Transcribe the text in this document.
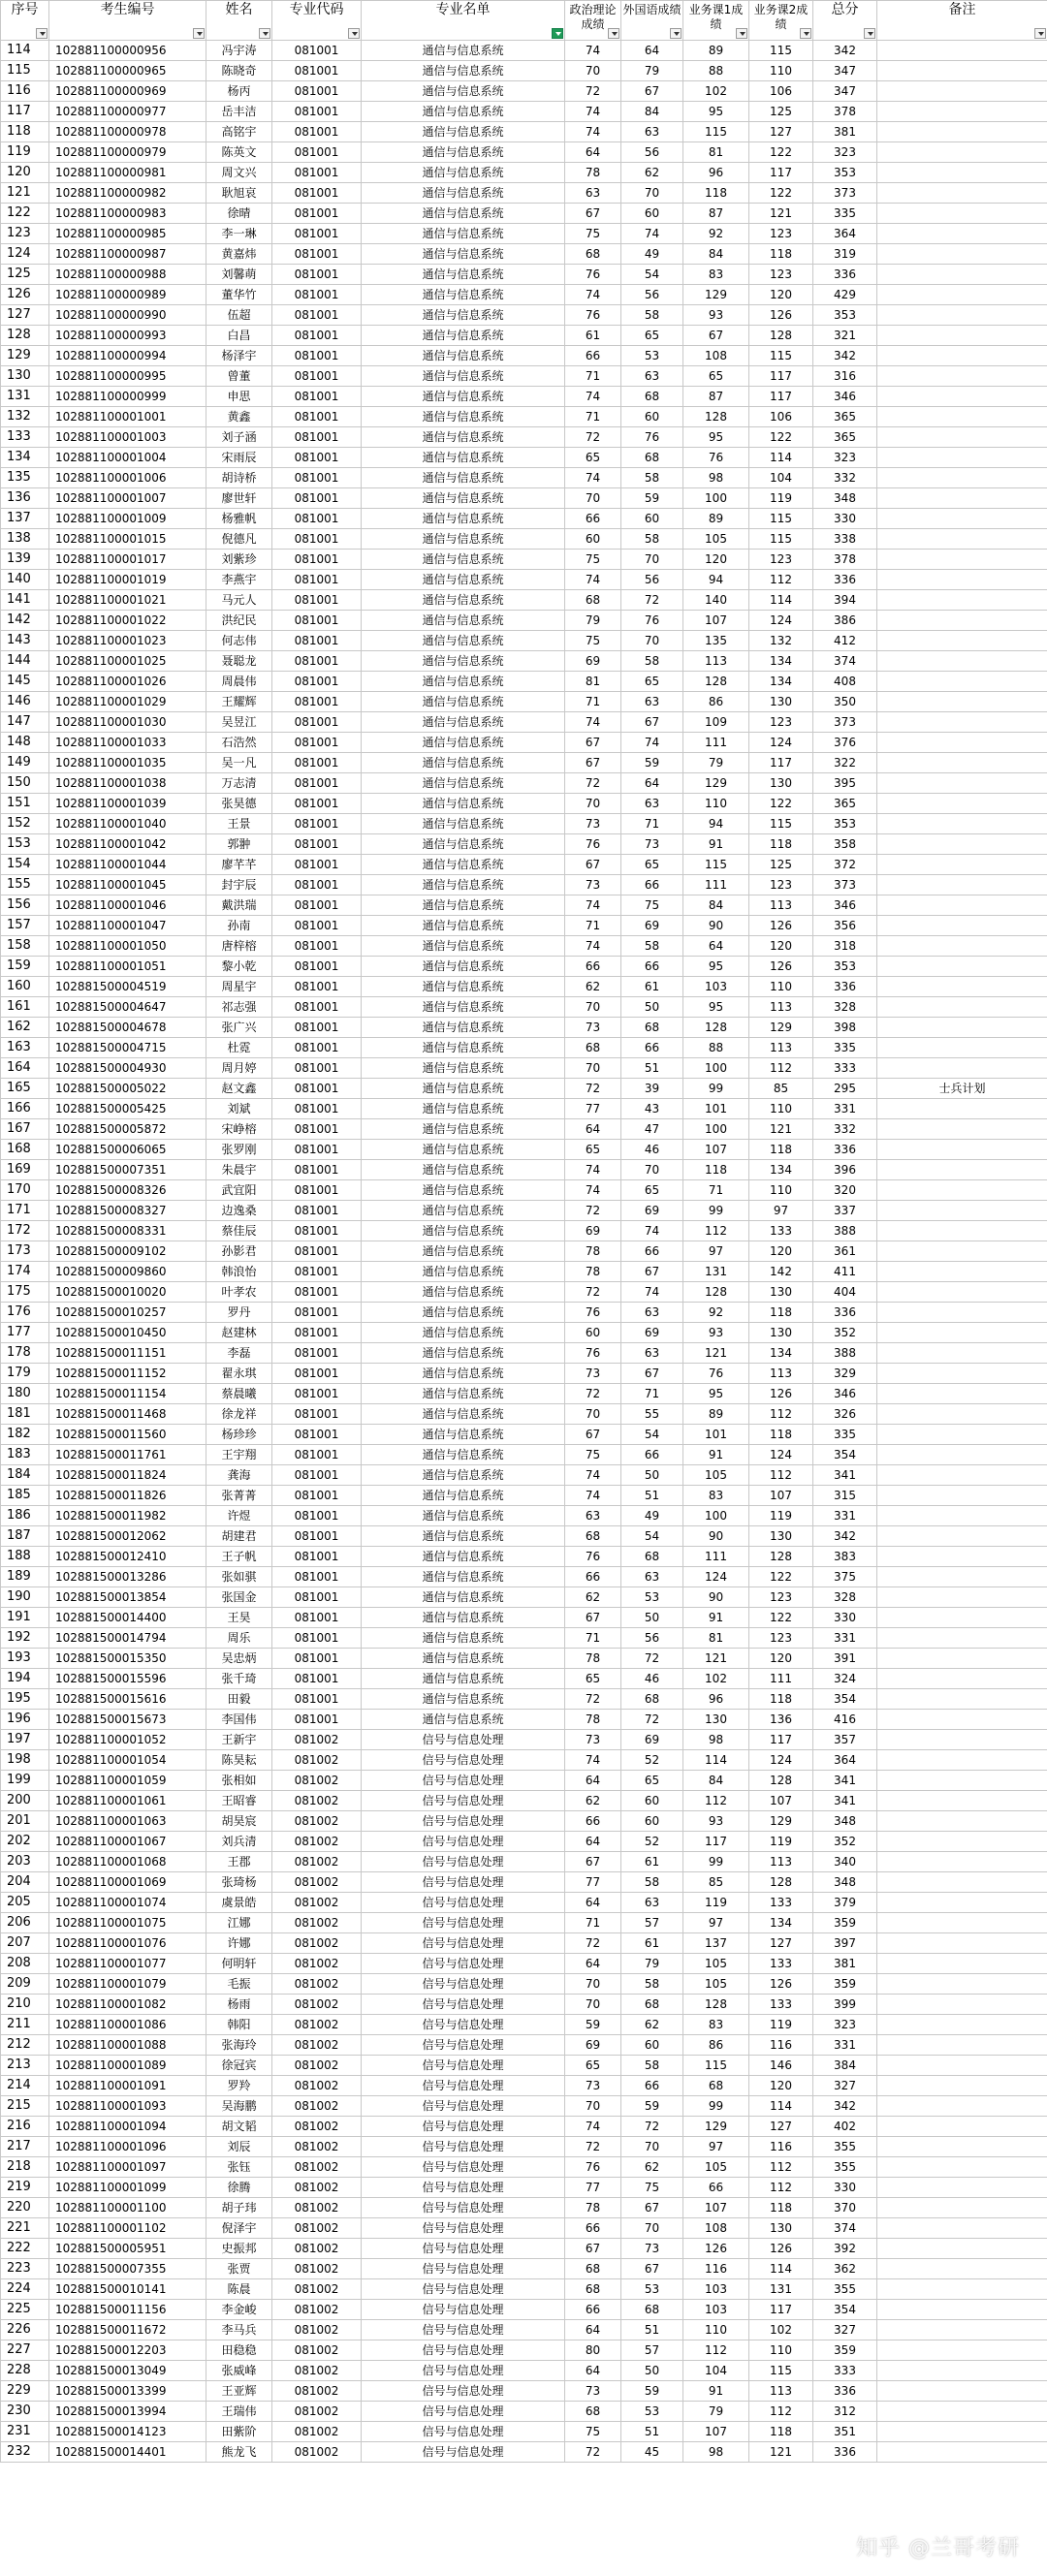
序号	考生编号	姓名	专业代码	专业名单	政治理论成绩	外国语成绩	业务课1成绩	业务课2成绩	总分	备注

114	102881100000956	冯宇涛	081001	通信与信息系统	74	64	89	115	342	
115	102881100000965	陈晓奇	081001	通信与信息系统	70	79	88	110	347	
116	102881100000969	杨丙	081001	通信与信息系统	72	67	102	106	347	
117	102881100000977	岳丰洁	081001	通信与信息系统	74	84	95	125	378	
118	102881100000978	高铭宇	081001	通信与信息系统	74	63	115	127	381	
119	102881100000979	陈英文	081001	通信与信息系统	64	56	81	122	323	
120	102881100000981	周文兴	081001	通信与信息系统	78	62	96	117	353	
121	102881100000982	耿旭哀	081001	通信与信息系统	63	70	118	122	373	
122	102881100000983	徐晴	081001	通信与信息系统	67	60	87	121	335	
123	102881100000985	李一琳	081001	通信与信息系统	75	74	92	123	364	
124	102881100000987	黄嘉炜	081001	通信与信息系统	68	49	84	118	319	
125	102881100000988	刘馨萌	081001	通信与信息系统	76	54	83	123	336	
126	102881100000989	董华竹	081001	通信与信息系统	74	56	129	120	429	
127	102881100000990	伍超	081001	通信与信息系统	76	58	93	126	353	
128	102881100000993	白昌	081001	通信与信息系统	61	65	67	128	321	
129	102881100000994	杨泽宇	081001	通信与信息系统	66	53	108	115	342	
130	102881100000995	曾董	081001	通信与信息系统	71	63	65	117	316	
131	102881100000999	申思	081001	通信与信息系统	74	68	87	117	346	
132	102881100001001	黄鑫	081001	通信与信息系统	71	60	128	106	365	
133	102881100001003	刘子涵	081001	通信与信息系统	72	76	95	122	365	
134	102881100001004	宋雨辰	081001	通信与信息系统	65	68	76	114	323	
135	102881100001006	胡诗桥	081001	通信与信息系统	74	58	98	104	332	
136	102881100001007	廖世轩	081001	通信与信息系统	70	59	100	119	348	
137	102881100001009	杨雅帆	081001	通信与信息系统	66	60	89	115	330	
138	102881100001015	倪德凡	081001	通信与信息系统	60	58	105	115	338	
139	102881100001017	刘紫珍	081001	通信与信息系统	75	70	120	123	378	
140	102881100001019	李燕宇	081001	通信与信息系统	74	56	94	112	336	
141	102881100001021	马元人	081001	通信与信息系统	68	72	140	114	394	
142	102881100001022	洪纪民	081001	通信与信息系统	79	76	107	124	386	
143	102881100001023	何志伟	081001	通信与信息系统	75	70	135	132	412	
144	102881100001025	聂聪龙	081001	通信与信息系统	69	58	113	134	374	
145	102881100001026	周晨伟	081001	通信与信息系统	81	65	128	134	408	
146	102881100001029	王耀辉	081001	通信与信息系统	71	63	86	130	350	
147	102881100001030	吴昱江	081001	通信与信息系统	74	67	109	123	373	
148	102881100001033	石浩然	081001	通信与信息系统	67	74	111	124	376	
149	102881100001035	吴一凡	081001	通信与信息系统	67	59	79	117	322	
150	102881100001038	万志清	081001	通信与信息系统	72	64	129	130	395	
151	102881100001039	张昊德	081001	通信与信息系统	70	63	110	122	365	
152	102881100001040	王景	081001	通信与信息系统	73	71	94	115	353	
153	102881100001042	郭翀	081001	通信与信息系统	76	73	91	118	358	
154	102881100001044	廖芊芊	081001	通信与信息系统	67	65	115	125	372	
155	102881100001045	封宇辰	081001	通信与信息系统	73	66	111	123	373	
156	102881100001046	戴洪瑞	081001	通信与信息系统	74	75	84	113	346	
157	102881100001047	孙南	081001	通信与信息系统	71	69	90	126	356	
158	102881100001050	唐梓榕	081001	通信与信息系统	74	58	64	120	318	
159	102881100001051	黎小乾	081001	通信与信息系统	66	66	95	126	353	
160	102881500004519	周星宇	081001	通信与信息系统	62	61	103	110	336	
161	102881500004647	祁志强	081001	通信与信息系统	70	50	95	113	328	
162	102881500004678	张广兴	081001	通信与信息系统	73	68	128	129	398	
163	102881500004715	杜霓	081001	通信与信息系统	68	66	88	113	335	
164	102881500004930	周月婷	081001	通信与信息系统	70	51	100	112	333	
165	102881500005022	赵文鑫	081001	通信与信息系统	72	39	99	85	295	士兵计划
166	102881500005425	刘斌	081001	通信与信息系统	77	43	101	110	331	
167	102881500005872	宋峥榕	081001	通信与信息系统	64	47	100	121	332	
168	102881500006065	张罗刚	081001	通信与信息系统	65	46	107	118	336	
169	102881500007351	朱晨宇	081001	通信与信息系统	74	70	118	134	396	
170	102881500008326	武宜阳	081001	通信与信息系统	74	65	71	110	320	
171	102881500008327	边逸桑	081001	通信与信息系统	72	69	99	97	337	
172	102881500008331	蔡佳辰	081001	通信与信息系统	69	74	112	133	388	
173	102881500009102	孙影君	081001	通信与信息系统	78	66	97	120	361	
174	102881500009860	韩浪怡	081001	通信与信息系统	78	67	131	142	411	
175	102881500010020	叶孝农	081001	通信与信息系统	72	74	128	130	404	
176	102881500010257	罗丹	081001	通信与信息系统	76	63	92	118	336	
177	102881500010450	赵建林	081001	通信与信息系统	60	69	93	130	352	
178	102881500011151	李磊	081001	通信与信息系统	76	63	121	134	388	
179	102881500011152	翟永琪	081001	通信与信息系统	73	67	76	113	329	
180	102881500011154	蔡晨曦	081001	通信与信息系统	72	71	95	126	346	
181	102881500011468	徐龙祥	081001	通信与信息系统	70	55	89	112	326	
182	102881500011560	杨珍珍	081001	通信与信息系统	67	54	101	118	335	
183	102881500011761	王宇翔	081001	通信与信息系统	75	66	91	124	354	
184	102881500011824	龚海	081001	通信与信息系统	74	50	105	112	341	
185	102881500011826	张菁菁	081001	通信与信息系统	74	51	83	107	315	
186	102881500011982	许煜	081001	通信与信息系统	63	49	100	119	331	
187	102881500012062	胡建君	081001	通信与信息系统	68	54	90	130	342	
188	102881500012410	王子帆	081001	通信与信息系统	76	68	111	128	383	
189	102881500013286	张如骐	081001	通信与信息系统	66	63	124	122	375	
190	102881500013854	张国金	081001	通信与信息系统	62	53	90	123	328	
191	102881500014400	王昊	081001	通信与信息系统	67	50	91	122	330	
192	102881500014794	周乐	081001	通信与信息系统	71	56	81	123	331	
193	102881500015350	吴忠炳	081001	通信与信息系统	78	72	121	120	391	
194	102881500015596	张千琦	081001	通信与信息系统	65	46	102	111	324	
195	102881500015616	田毅	081001	通信与信息系统	72	68	96	118	354	
196	102881500015673	李国伟	081001	通信与信息系统	78	72	130	136	416	
197	102881100001052	王新宇	081002	信号与信息处理	73	69	98	117	357	
198	102881100001054	陈昊耘	081002	信号与信息处理	74	52	114	124	364	
199	102881100001059	张相如	081002	信号与信息处理	64	65	84	128	341	
200	102881100001061	王昭睿	081002	信号与信息处理	62	60	112	107	341	
201	102881100001063	胡昊宸	081002	信号与信息处理	66	60	93	129	348	
202	102881100001067	刘兵清	081002	信号与信息处理	64	52	117	119	352	
203	102881100001068	王郡	081002	信号与信息处理	67	61	99	113	340	
204	102881100001069	张琦杨	081002	信号与信息处理	77	58	85	128	348	
205	102881100001074	虞景皓	081002	信号与信息处理	64	63	119	133	379	
206	102881100001075	江娜	081002	信号与信息处理	71	57	97	134	359	
207	102881100001076	许娜	081002	信号与信息处理	72	61	137	127	397	
208	102881100001077	何明轩	081002	信号与信息处理	64	79	105	133	381	
209	102881100001079	毛振	081002	信号与信息处理	70	58	105	126	359	
210	102881100001082	杨雨	081002	信号与信息处理	70	68	128	133	399	
211	102881100001086	韩阳	081002	信号与信息处理	59	62	83	119	323	
212	102881100001088	张海玲	081002	信号与信息处理	69	60	86	116	331	
213	102881100001089	徐冠宾	081002	信号与信息处理	65	58	115	146	384	
214	102881100001091	罗羚	081002	信号与信息处理	73	66	68	120	327	
215	102881100001093	吴海鹏	081002	信号与信息处理	70	59	99	114	342	
216	102881100001094	胡文韬	081002	信号与信息处理	74	72	129	127	402	
217	102881100001096	刘辰	081002	信号与信息处理	72	70	97	116	355	
218	102881100001097	张钰	081002	信号与信息处理	76	62	105	112	355	
219	102881100001099	徐腾	081002	信号与信息处理	77	75	66	112	330	
220	102881100001100	胡子玮	081002	信号与信息处理	78	67	107	118	370	
221	102881100001102	倪泽宇	081002	信号与信息处理	66	70	108	130	374	
222	102881500005951	史振邦	081002	信号与信息处理	67	73	126	126	392	
223	102881500007355	张贾	081002	信号与信息处理	68	67	116	114	362	
224	102881500010141	陈晨	081002	信号与信息处理	68	53	103	131	355	
225	102881500011156	李金峻	081002	信号与信息处理	66	68	103	117	354	
226	102881500011672	李马兵	081002	信号与信息处理	64	51	110	102	327	
227	102881500012203	田稳稳	081002	信号与信息处理	80	57	112	110	359	
228	102881500013049	张威峰	081002	信号与信息处理	64	50	104	115	333	
229	102881500013399	王亚辉	081002	信号与信息处理	73	59	91	113	336	
230	102881500013994	王瑞伟	081002	信号与信息处理	68	53	79	112	312	
231	102881500014123	田紫阶	081002	信号与信息处理	75	51	107	118	351	
232	102881500014401	熊龙飞	081002	信号与信息处理	72	45	98	121	336	
知乎 @兰哥考研
